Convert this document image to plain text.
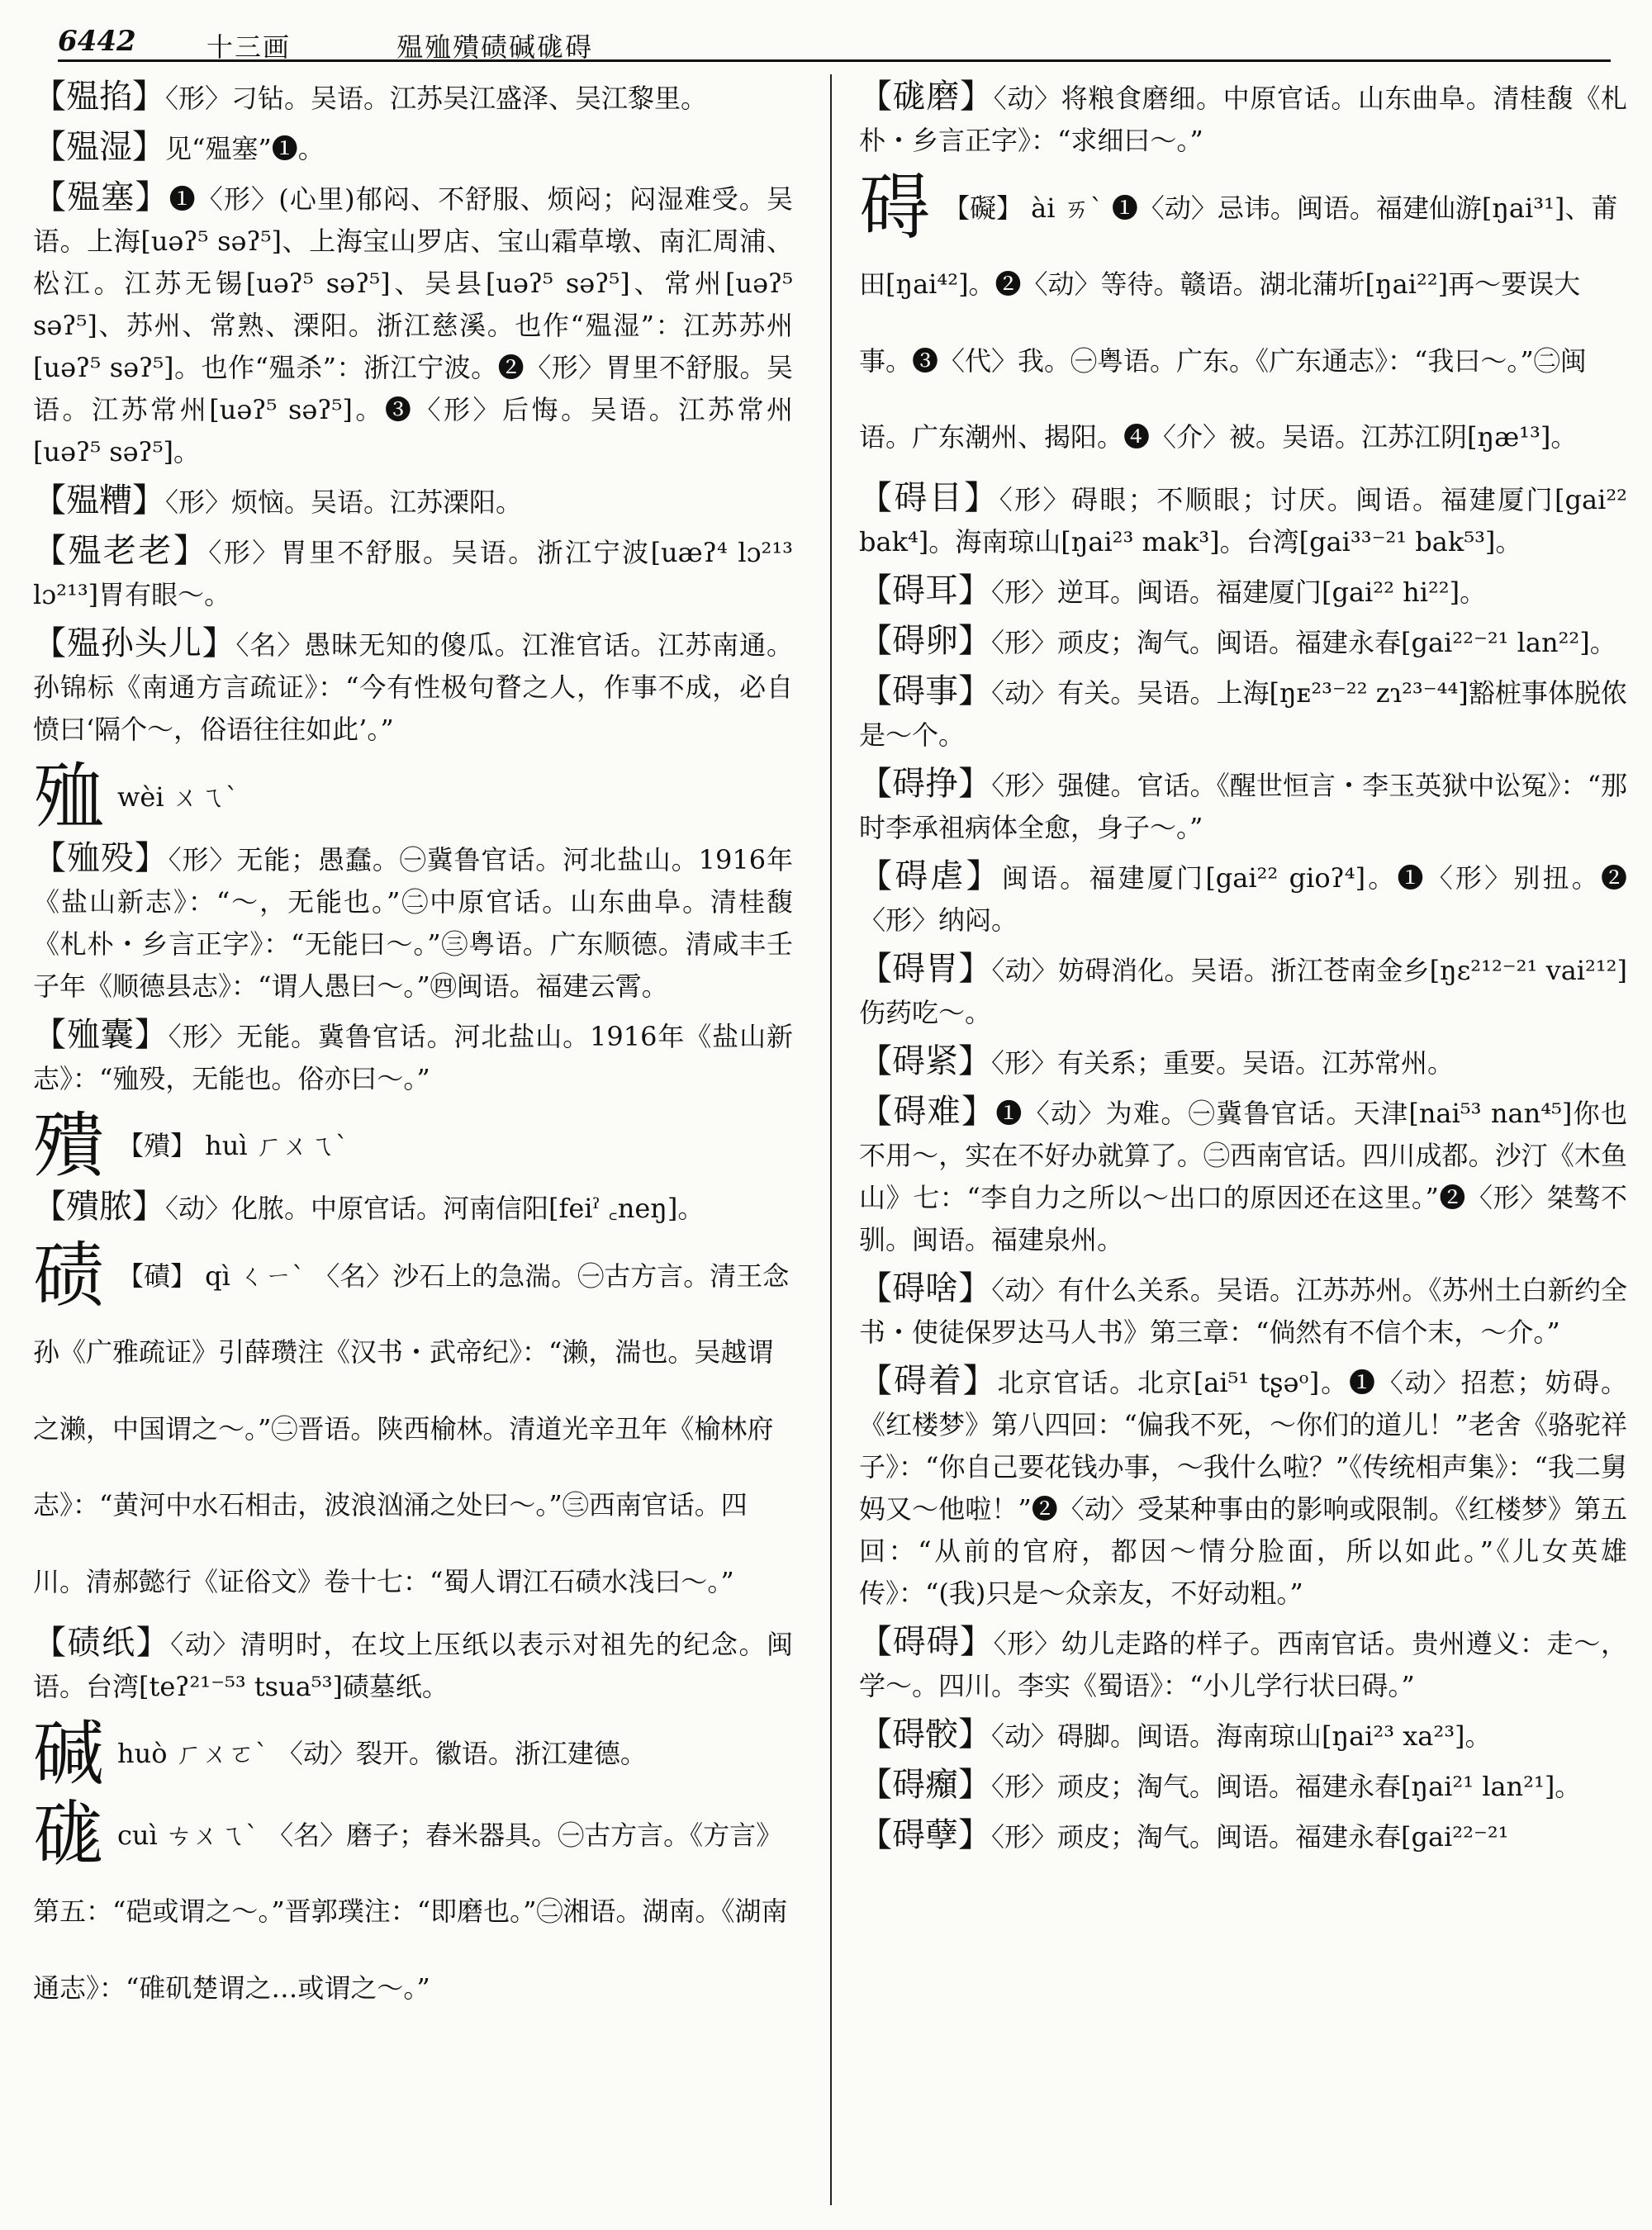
6442	十三画	殟殈殨碛碱硥碍
【殟掐】〈形〉刁钻。吴语。江苏吴江盛泽、吴江黎里。
【殟湿】见“殟塞”❶。
【殟塞】❶〈形〉(心里)郁闷、不舒服、烦闷；闷湿难受。吴语。上海[uəʔ⁵ səʔ⁵]、上海宝山罗店、宝山霜草墩、南汇周浦、松江。江苏无锡[uəʔ⁵ səʔ⁵]、吴县[uəʔ⁵ səʔ⁵]、常州[uəʔ⁵ səʔ⁵]、苏州、常熟、溧阳。浙江慈溪。也作“殟湿”：江苏苏州[uəʔ⁵ səʔ⁵]。也作“殟杀”：浙江宁波。❷〈形〉胃里不舒服。吴语。江苏常州[uəʔ⁵ səʔ⁵]。❸〈形〉后悔。吴语。江苏常州[uəʔ⁵ səʔ⁵]。
【殟糟】〈形〉烦恼。吴语。江苏溧阳。
【殟老老】〈形〉胃里不舒服。吴语。浙江宁波[uæʔ⁴ lɔ²¹³ lɔ²¹³]胃有眼～。
【殟孙头儿】〈名〉愚昧无知的傻瓜。江淮官话。江苏南通。孙锦标《南通方言疏证》：“今有性极句瞀之人，作事不成，必自愤曰‘隔个～，俗语往往如此’。”
殈wèi ㄨㄟˋ
【殈殁】〈形〉无能；愚蠢。㊀冀鲁官话。河北盐山。1916年《盐山新志》：“～，无能也。”㊁中原官话。山东曲阜。清桂馥《札朴・乡言正字》：“无能曰～。”㊂粤语。广东顺德。清咸丰壬子年《顺德县志》：“谓人愚曰～。”㊃闽语。福建云霄。
【殈囊】〈形〉无能。冀鲁官话。河北盐山。1916年《盐山新志》：“殈殁，无能也。俗亦曰～。”
殨 【殨】 huì ㄏㄨㄟˋ
【殨脓】〈动〉化脓。中原官话。河南信阳[feiˀ ꜀neŋ]。
碛 【磧】 qì ㄑㄧˋ 〈名〉沙石上的急湍。㊀古方言。清王念孙《广雅疏证》引薛瓒注《汉书・武帝纪》：“濑，湍也。吴越谓之濑，中国谓之～。”㊁晋语。陕西榆林。清道光辛丑年《榆林府志》：“黄河中水石相击，波浪汹涌之处曰～。”㊂西南官话。四川。清郝懿行《证俗文》卷十七：“蜀人谓江石碛水浅曰～。”
【碛纸】〈动〉清明时，在坟上压纸以表示对祖先的纪念。闽语。台湾[teʔ²¹⁻⁵³ tsua⁵³]碛墓纸。
碱huò ㄏㄨㄛˋ 〈动〉裂开。徽语。浙江建德。
硥cuì ㄘㄨㄟˋ 〈名〉磨子；舂米器具。㊀古方言。《方言》第五：“硙或谓之～。”晋郭璞注：“即磨也。”㊁湘语。湖南。《湖南通志》：“碓矶楚谓之…或谓之～。”
【硥磨】〈动〉将粮食磨细。中原官话。山东曲阜。清桂馥《札朴・乡言正字》：“求细曰～。”
碍 【礙】 ài ㄞˋ ❶〈动〉忌讳。闽语。福建仙游[ŋai³¹]、莆田[ŋai⁴²]。❷〈动〉等待。赣语。湖北蒲圻[ŋai²²]再～要误大事。❸〈代〉我。㊀粤语。广东。《广东通志》：“我曰～。”㊁闽语。广东潮州、揭阳。❹〈介〉被。吴语。江苏江阴[ŋæ¹³]。
【碍目】〈形〉碍眼；不顺眼；讨厌。闽语。福建厦门[gai²² bak⁴]。海南琼山[ŋai²³ mak³]。台湾[gai³³⁻²¹ bak⁵³]。
【碍耳】〈形〉逆耳。闽语。福建厦门[gai²² hi²²]。
【碍卵】〈形〉顽皮；淘气。闽语。福建永春[gai²²⁻²¹ lan²²]。
【碍事】〈动〉有关。吴语。上海[ŋᴇ²³⁻²² zɿ²³⁻⁴⁴]豁桩事体脱侬是～个。
【碍挣】〈形〉强健。官话。《醒世恒言・李玉英狱中讼冤》：“那时李承祖病体全愈，身子～。”
【碍虐】闽语。福建厦门[gai²² gioʔ⁴]。❶〈形〉别扭。❷〈形〉纳闷。
【碍胃】〈动〉妨碍消化。吴语。浙江苍南金乡[ŋɛ²¹²⁻²¹ vai²¹²]伤药吃～。
【碍紧】〈形〉有关系；重要。吴语。江苏常州。
【碍难】❶〈动〉为难。㊀冀鲁官话。天津[nai⁵³ nan⁴⁵]你也不用～，实在不好办就算了。㊁西南官话。四川成都。沙汀《木鱼山》七：“李自力之所以～出口的原因还在这里。”❷〈形〉桀骜不驯。闽语。福建泉州。
【碍啥】〈动〉有什么关系。吴语。江苏苏州。《苏州土白新约全书・使徒保罗达马人书》第三章：“倘然有不信个末，～介。”
【碍着】北京官话。北京[ai⁵¹ tʂəᵒ]。❶〈动〉招惹；妨碍。《红楼梦》第八四回：“偏我不死，～你们的道儿！”老舍《骆驼祥子》：“你自己要花钱办事，～我什么啦？”《传统相声集》：“我二舅妈又～他啦！”❷〈动〉受某种事由的影响或限制。《红楼梦》第五回：“从前的官府，都因～情分脸面，所以如此。”《儿女英雄传》：“(我)只是～众亲友，不好动粗。”
【碍碍】〈形〉幼儿走路的样子。西南官话。贵州遵义：走～，学～。四川。李实《蜀语》：“小儿学行状曰碍。”
【碍骹】〈动〉碍脚。闽语。海南琼山[ŋai²³ xa²³]。
【碍㿗】〈形〉顽皮；淘气。闽语。福建永春[ŋai²¹ lan²¹]。
【碍孽】〈形〉顽皮；淘气。闽语。福建永春[gai²²⁻²¹
